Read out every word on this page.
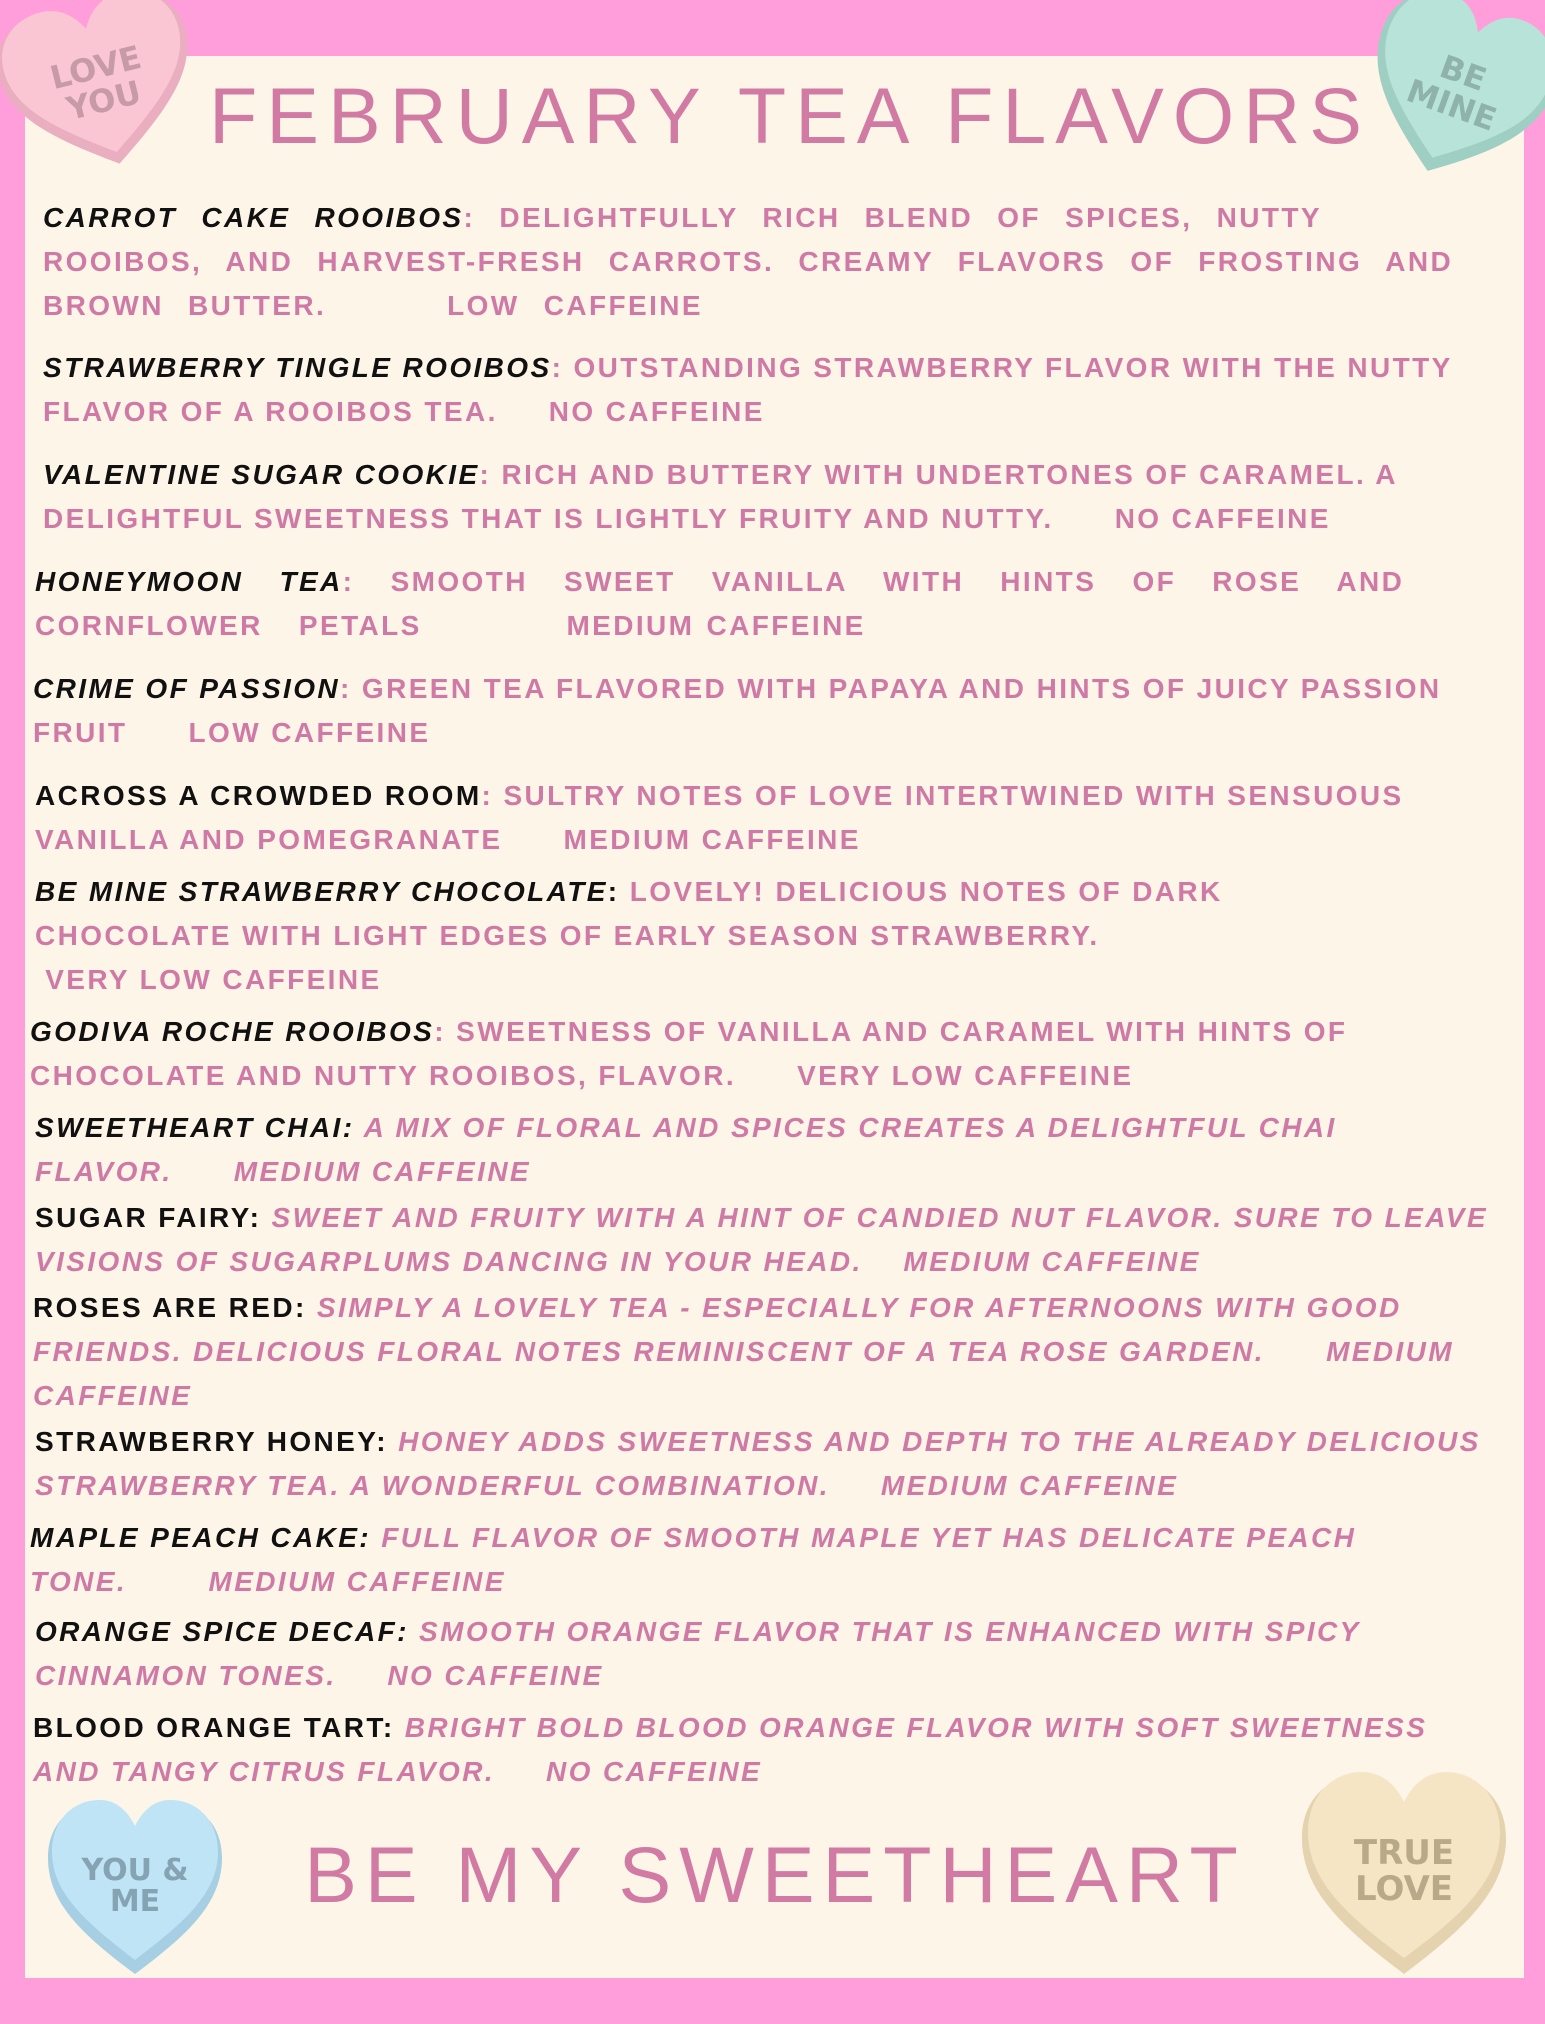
LOVE
YOU	BE
MINE
YOU &
ME
TRUE
LOVE
FEBRUARY TEA FLAVORS
CARROT CAKE ROOIBOS: DELIGHTFULLY RICH BLEND OF SPICES, NUTTY ROOIBOS, AND HARVEST-FRESH CARROTS. CREAMY FLAVORS OF FROSTING AND BROWN BUTTER.	LOW CAFFEINE
STRAWBERRY TINGLE ROOIBOS: OUTSTANDING STRAWBERRY FLAVOR WITH THE NUTTY FLAVOR OF A ROOIBOS TEA. NO CAFFEINE
VALENTINE SUGAR COOKIE: RICH AND BUTTERY WITH UNDERTONES OF CARAMEL. A DELIGHTFUL SWEETNESS THAT IS LIGHTLY FRUITY AND NUTTY. NO CAFFEINE
HONEYMOON TEA: SMOOTH SWEET VANILLA WITH HINTS OF ROSE AND CORNFLOWER PETALS	MEDIUM CAFFEINE
CRIME OF PASSION: GREEN TEA FLAVORED WITH PAPAYA AND HINTS OF JUICY PASSION FRUIT LOW CAFFEINE
ACROSS A CROWDED ROOM: SULTRY NOTES OF LOVE INTERTWINED WITH SENSUOUS VANILLA AND POMEGRANATE MEDIUM CAFFEINE
BE MINE STRAWBERRY CHOCOLATE: LOVELY! DELICIOUS NOTES OF DARK CHOCOLATE WITH LIGHT EDGES OF EARLY SEASON STRAWBERRY.
VERY LOW CAFFEINE
GODIVA ROCHE ROOIBOS: SWEETNESS OF VANILLA AND CARAMEL WITH HINTS OF CHOCOLATE AND NUTTY ROOIBOS, FLAVOR. VERY LOW CAFFEINE
SWEETHEART CHAI: A MIX OF FLORAL AND SPICES CREATES A DELIGHTFUL CHAI FLAVOR. MEDIUM CAFFEINE
SUGAR FAIRY: SWEET AND FRUITY WITH A HINT OF CANDIED NUT FLAVOR. SURE TO LEAVE VISIONS OF SUGARPLUMS DANCING IN YOUR HEAD. MEDIUM CAFFEINE
ROSES ARE RED: SIMPLY A LOVELY TEA - ESPECIALLY FOR AFTERNOONS WITH GOOD FRIENDS. DELICIOUS FLORAL NOTES REMINISCENT OF A TEA ROSE GARDEN. MEDIUM CAFFEINE
STRAWBERRY HONEY: HONEY ADDS SWEETNESS AND DEPTH TO THE ALREADY DELICIOUS STRAWBERRY TEA. A WONDERFUL COMBINATION. MEDIUM CAFFEINE
MAPLE PEACH CAKE: FULL FLAVOR OF SMOOTH MAPLE YET HAS DELICATE PEACH TONE.	MEDIUM CAFFEINE
ORANGE SPICE DECAF: SMOOTH ORANGE FLAVOR THAT IS ENHANCED WITH SPICY CINNAMON TONES. NO CAFFEINE
BLOOD ORANGE TART: BRIGHT BOLD BLOOD ORANGE FLAVOR WITH SOFT SWEETNESS AND TANGY CITRUS FLAVOR. NO CAFFEINE
BE MY SWEETHEART
